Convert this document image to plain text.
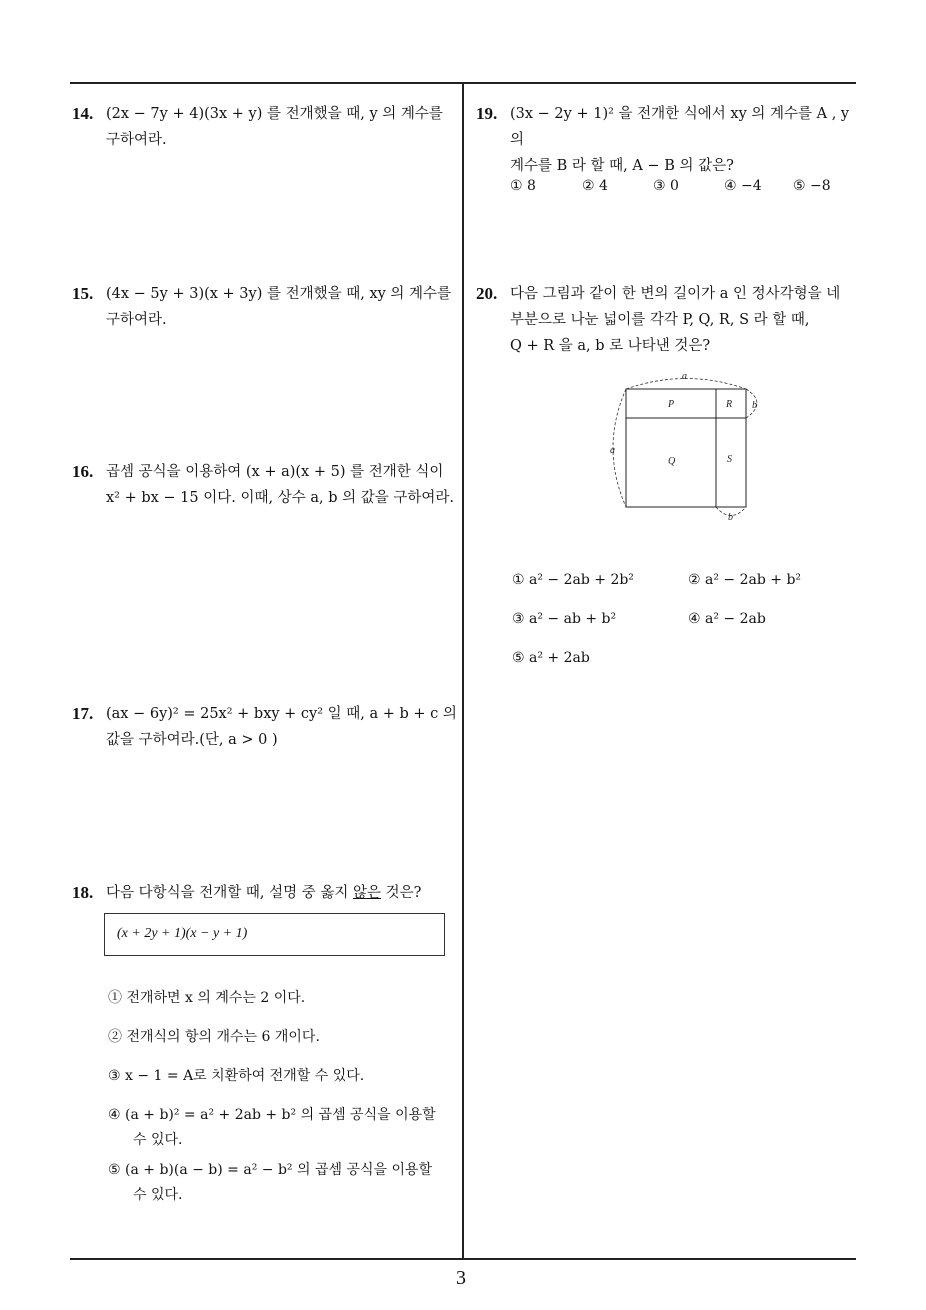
14. (2x − 7y + 4)(3x + y) 를 전개했을 때, y 의 계수를
구하여라.
15. (4x − 5y + 3)(x + 3y) 를 전개했을 때, xy 의 계수를
구하여라.
16. 곱셈 공식을 이용하여 (x + a)(x + 5) 를 전개한 식이
x² + bx − 15 이다. 이때, 상수 a, b 의 값을 구하여라.
17. (ax − 6y)² = 25x² + bxy + cy² 일 때, a + b + c 의
값을 구하여라.(단, a > 0 )
18. 다음 다항식을 전개할 때, 설명 중 옳지 않은 것은?
(x + 2y + 1)(x − y + 1)
① 전개하면 x 의 계수는 2 이다.
② 전개식의 항의 개수는 6 개이다.
③ x − 1 = A로 치환하여 전개할 수 있다.
④ (a + b)² = a² + 2ab + b² 의 곱셈 공식을 이용할
수 있다.
⑤ (a + b)(a − b) = a² − b² 의 곱셈 공식을 이용할
수 있다.
19. (3x − 2y + 1)² 을 전개한 식에서 xy 의 계수를 A , y 의
계수를 B 라 할 때, A − B 의 값은?
① 8	② 4	③ 0	④ −4 ⑤ −8
20. 다음 그림과 같이 한 변의 길이가 a 인 정사각형을 네
부분으로 나눈 넓이를 각각 P, Q, R, S 라 할 때,
Q + R 을 a, b 로 나타낸 것은?
a
a
b
b
P	R
Q	S
① a² − 2ab + 2b²	② a² − 2ab + b²
③ a² − ab + b²	④ a² − 2ab
⑤ a² + 2ab
3
